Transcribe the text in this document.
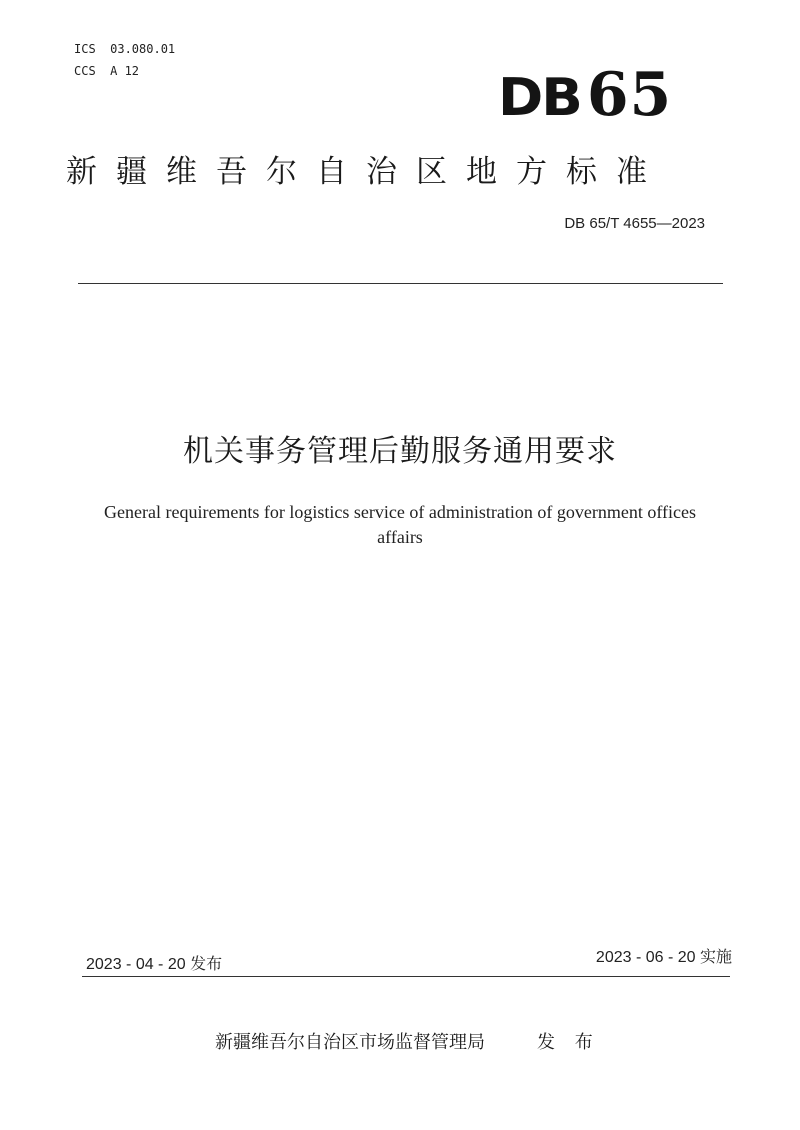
ICS  03.080.01
CCS  A 12	DB 65
新疆维吾尔自治区地方标准
DB 65/T 4655—2023
机关事务管理后勤服务通用要求
General requirements for logistics service of administration of government offices affairs
2023 - 04 - 20 发布	2023 - 06 - 20 实施
新疆维吾尔自治区市场监督管理局	发 布
